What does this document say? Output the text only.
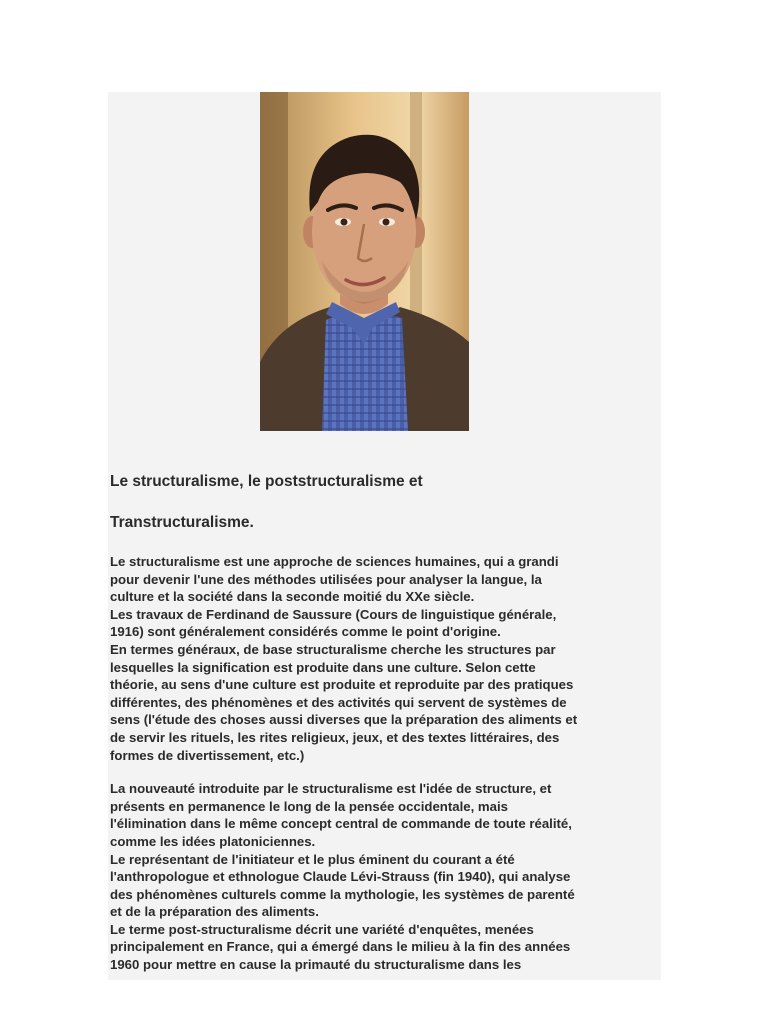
Le structuralisme, le poststructuralisme et
Transtructuralisme.

Le structuralisme est une approche de sciences humaines, qui a grandi
pour devenir l'une des méthodes utilisées pour analyser la langue, la
culture et la société dans la seconde moitié du XXe siècle.
Les travaux de Ferdinand de Saussure (Cours de linguistique générale,
1916) sont généralement considérés comme le point d'origine.
En termes généraux, de base structuralisme cherche les structures par
lesquelles la signification est produite dans une culture. Selon cette
théorie, au sens d'une culture est produite et reproduite par des pratiques
différentes, des phénomènes et des activités qui servent de systèmes de
sens (l'étude des choses aussi diverses que la préparation des aliments et
de servir les rituels, les rites religieux, jeux, et des textes littéraires, des
formes de divertissement, etc.)

La nouveauté introduite par le structuralisme est l'idée de structure, et
présents en permanence le long de la pensée occidentale, mais
l'élimination dans le même concept central de commande de toute réalité,
comme les idées platoniciennes.
Le représentant de l'initiateur et le plus éminent du courant a été
l'anthropologue et ethnologue Claude Lévi-Strauss (fin 1940), qui analyse
des phénomènes culturels comme la mythologie, les systèmes de parenté
et de la préparation des aliments.
Le terme post-structuralisme décrit une variété d'enquêtes, menées
principalement en France, qui a émergé dans le milieu à la fin des années
1960 pour mettre en cause la primauté du structuralisme dans les
